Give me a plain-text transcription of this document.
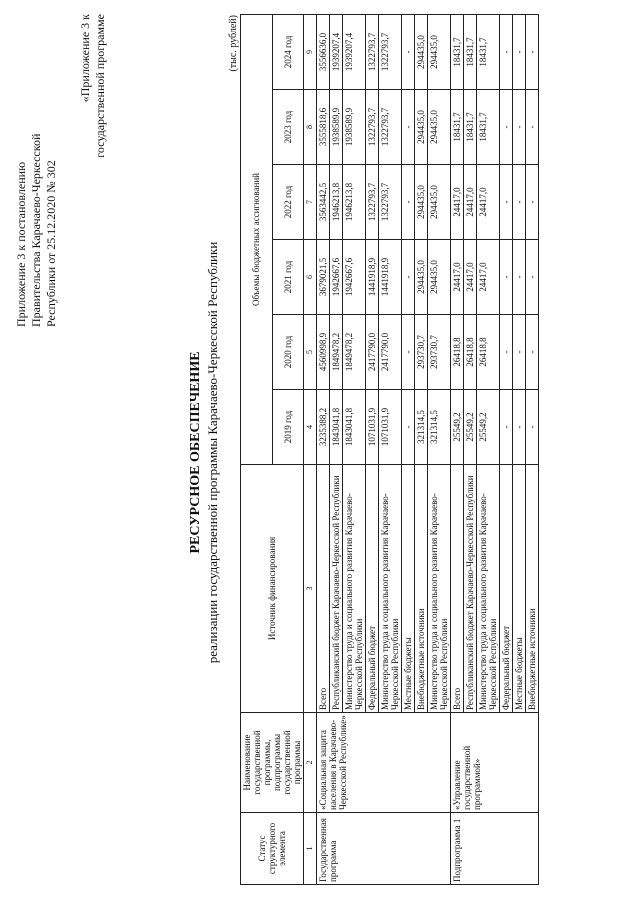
Приложение 3 к постановлению Правительства Карачаево-Черкесской Республики от 25.12.2020 № 302
«Приложение 3 к государственной программе
РЕСУРСНОЕ ОБЕСПЕЧЕНИЕ реализации государственной программы Карачаево-Черкесской Республики
(тыс. рублей)
Статус структурного элемента	Наименование государственной программы, подпрограммы государственной программы	Источник финансирования	Объемы бюджетных ассигнований					
			2019 год	2020 год	2021 год	2022 год	2023 год	2024 год
1	2	3	4	5	6	7	8	9
Государственная программа	«Социальная защита населения в Карачаево-Черкесской Республике»	Всего	3235388,2	4560998,9	3679021,5	3563442,5	3555818,6	3556636,0
		Республиканский бюджет Карачаево-Черкесской Республики	1843041,8	1849478,2	1942667,6	1946213,8	1938589,9	1939207,4
		Министерство труда и социального развития Карачаево-Черкесской Республики	1843041,8	1849478,2	1942667,6	1946213,8	1938589,9	1939207,4
		Федеральный бюджет	1071031,9	2417790,0	1441918,9	1322793,7	1322793,7	1322793,7
		Министерство труда и социального развития Карачаево-Черкесской Республики	1071031,9	2417790,0	1441918,9	1322793,7	1322793,7	1322793,7
		Местные бюджеты	-	-	-	-	-	-
		Внебюджетные источники	321314,5	293730,7	294435,0	294435,0	294435,0	294435,0
		Министерство труда и социального развития Карачаево-Черкесской Республики	321314,5	293730,7	294435,0	294435,0	294435,0	294435,0
Подпрограмма 1	«Управление государственной программой»	Всего	25549,2	26418,8	24417,0	24417,0	18431,7	18431,7
		Республиканский бюджет Карачаево-Черкесской Республики	25549,2	26418,8	24417,0	24417,0	18431,7	18431,7
		Министерство труда и социального развития Карачаево-Черкесской Республики	25549,2	26418,8	24417,0	24417,0	18431,7	18431,7
		Федеральный бюджет	-	-	-	-	-	-
		Местные бюджеты	-	-	-	-	-	-
		Внебюджетные источники	-	-	-	-	-	-
